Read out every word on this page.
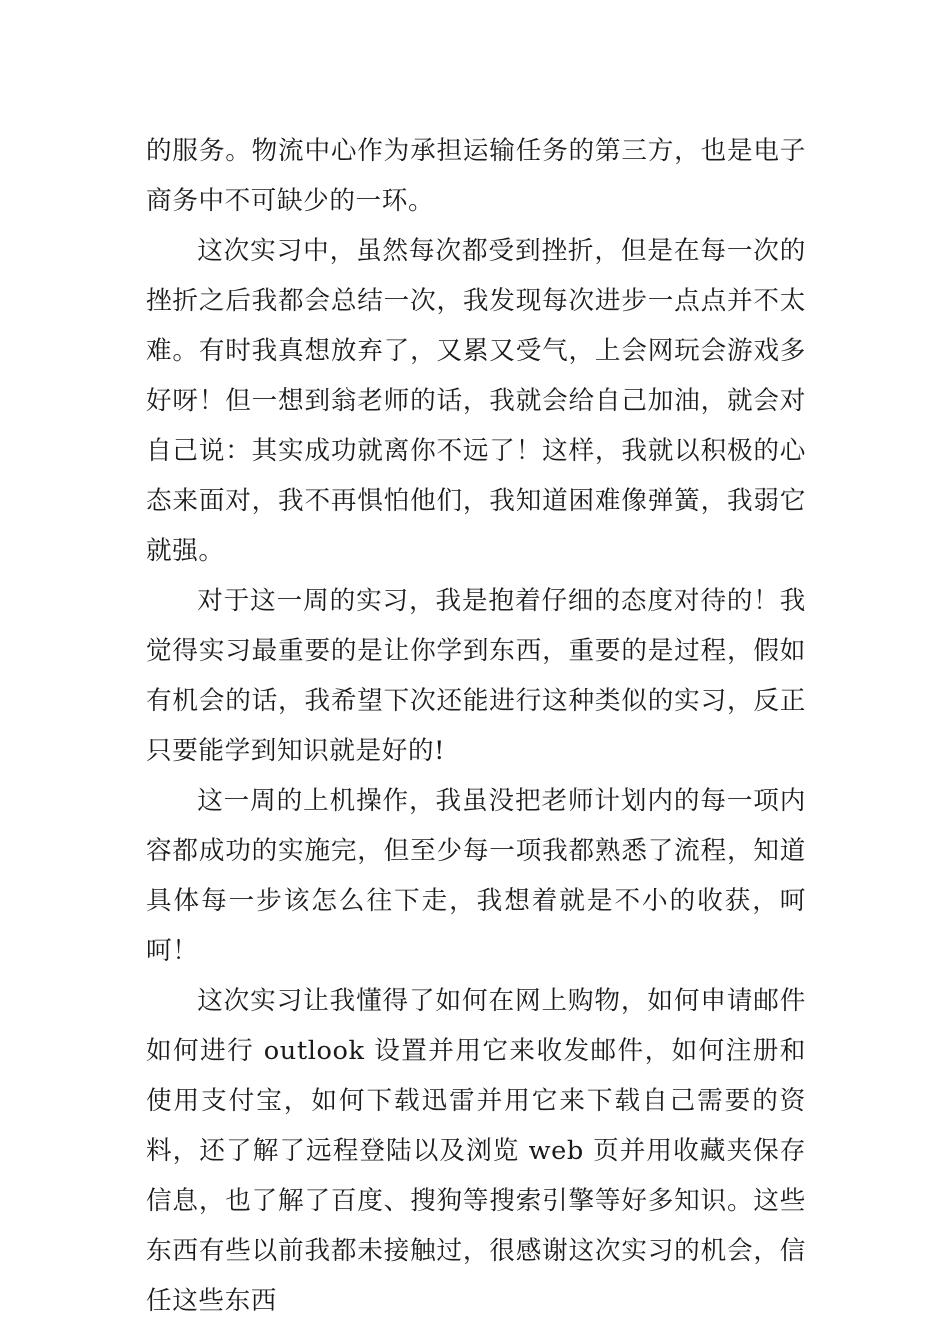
的服务。物流中心作为承担运输任务的第三方，也是电子商务中不可缺少的一环。

这次实习中，虽然每次都受到挫折，但是在每一次的挫折之后我都会总结一次，我发现每次进步一点点并不太难。有时我真想放弃了，又累又受气，上会网玩会游戏多好呀！但一想到翁老师的话，我就会给自己加油，就会对自己说：其实成功就离你不远了！这样，我就以积极的心态来面对，我不再惧怕他们，我知道困难像弹簧，我弱它就强。

对于这一周的实习，我是抱着仔细的态度对待的！我觉得实习最重要的是让你学到东西，重要的是过程，假如有机会的话，我希望下次还能进行这种类似的实习，反正只要能学到知识就是好的!

这一周的上机操作，我虽没把老师计划内的每一项内容都成功的实施完，但至少每一项我都熟悉了流程，知道具体每一步该怎么往下走，我想着就是不小的收获，呵呵！

这次实习让我懂得了如何在网上购物，如何申请邮件如何进行 outlook 设置并用它来收发邮件，如何注册和使用支付宝，如何下载迅雷并用它来下载自己需要的资料，还了解了远程登陆以及浏览 web 页并用收藏夹保存信息，也了解了百度、搜狗等搜索引擎等好多知识。这些东西有些以前我都未接触过，很感谢这次实习的机会，信任这些东西
